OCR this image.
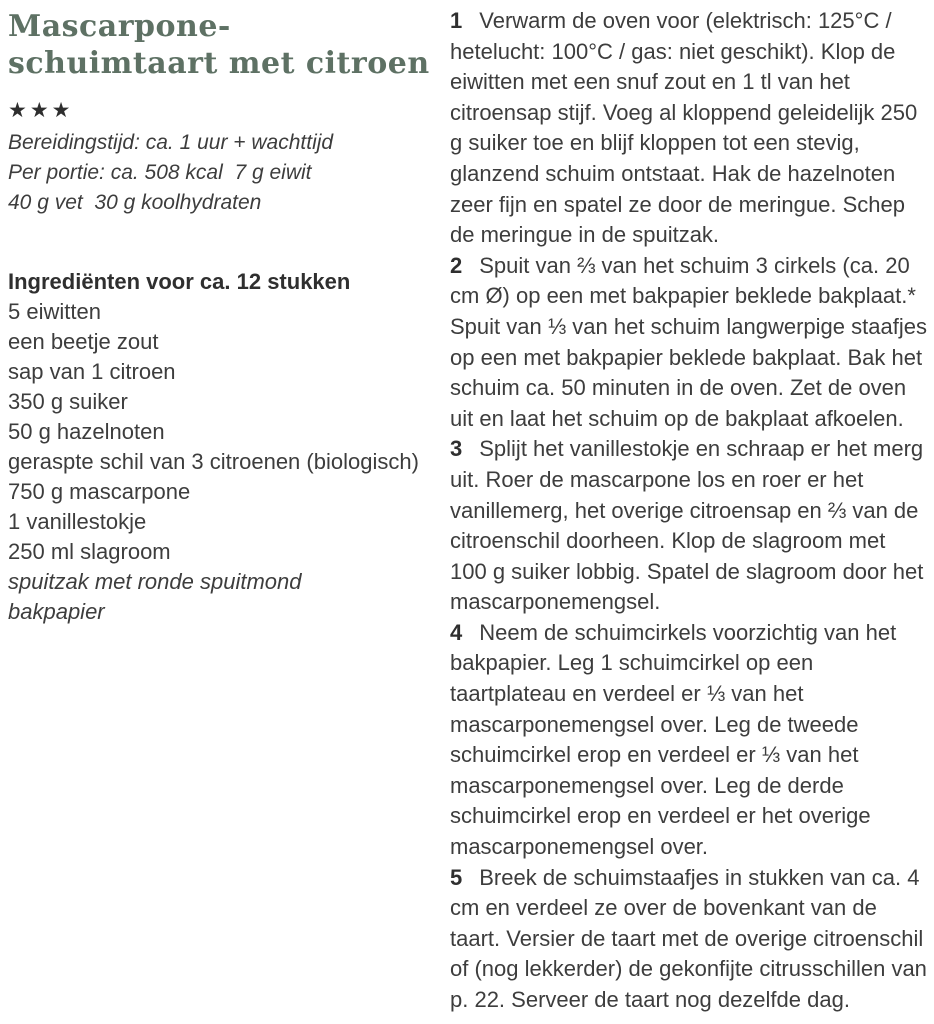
Mascarpone-schuimtaart met citroen
★★★
Bereidingstijd: ca. 1 uur + wachttijd
Per portie: ca. 508 kcal  7 g eiwit
40 g vet  30 g koolhydraten
Ingrediënten voor ca. 12 stukken
5 eiwitten
een beetje zout
sap van 1 citroen
350 g suiker
50 g hazelnoten
geraspte schil van 3 citroenen (biologisch)
750 g mascarpone
1 vanillestokje
250 ml slagroom
spuitzak met ronde spuitmond
bakpapier

1 Verwarm de oven voor (elektrisch: 125°C / hetelucht: 100°C / gas: niet geschikt). Klop de eiwitten met een snuf zout en 1 tl van het citroensap stijf. Voeg al kloppend geleidelijk 250 g suiker toe en blijf kloppen tot een stevig, glanzend schuim ontstaat. Hak de hazelnoten zeer fijn en spatel ze door de meringue. Schep de meringue in de spuitzak.

2 Spuit van ⅔ van het schuim 3 cirkels (ca. 20 cm Ø) op een met bakpapier beklede bakplaat.* Spuit van ⅓ van het schuim langwerpige staafjes op een met bakpapier beklede bakplaat. Bak het schuim ca. 50 minuten in de oven. Zet de oven uit en laat het schuim op de bakplaat afkoelen.

3 Splijt het vanillestokje en schraap er het merg uit. Roer de mascarpone los en roer er het vanillemerg, het overige citroensap en ⅔ van de citroenschil doorheen. Klop de slagroom met 100 g suiker lobbig. Spatel de slagroom door het mascarponemengsel.

4 Neem de schuimcirkels voorzichtig van het bakpapier. Leg 1 schuimcirkel op een taartplateau en verdeel er ⅓ van het mascarponemengsel over. Leg de tweede schuimcirkel erop en verdeel er ⅓ van het mascarponemengsel over. Leg de derde  schuimcirkel erop en verdeel er het overige mascarponemengsel over.

5 Breek de schuimstaafjes in stukken van ca. 4 cm en verdeel ze over de bovenkant van de taart. Versier de taart met de overige citroenschil of (nog lekkerder) de gekonfijte citrusschillen van p. 22. Serveer de taart nog dezelfde dag.
